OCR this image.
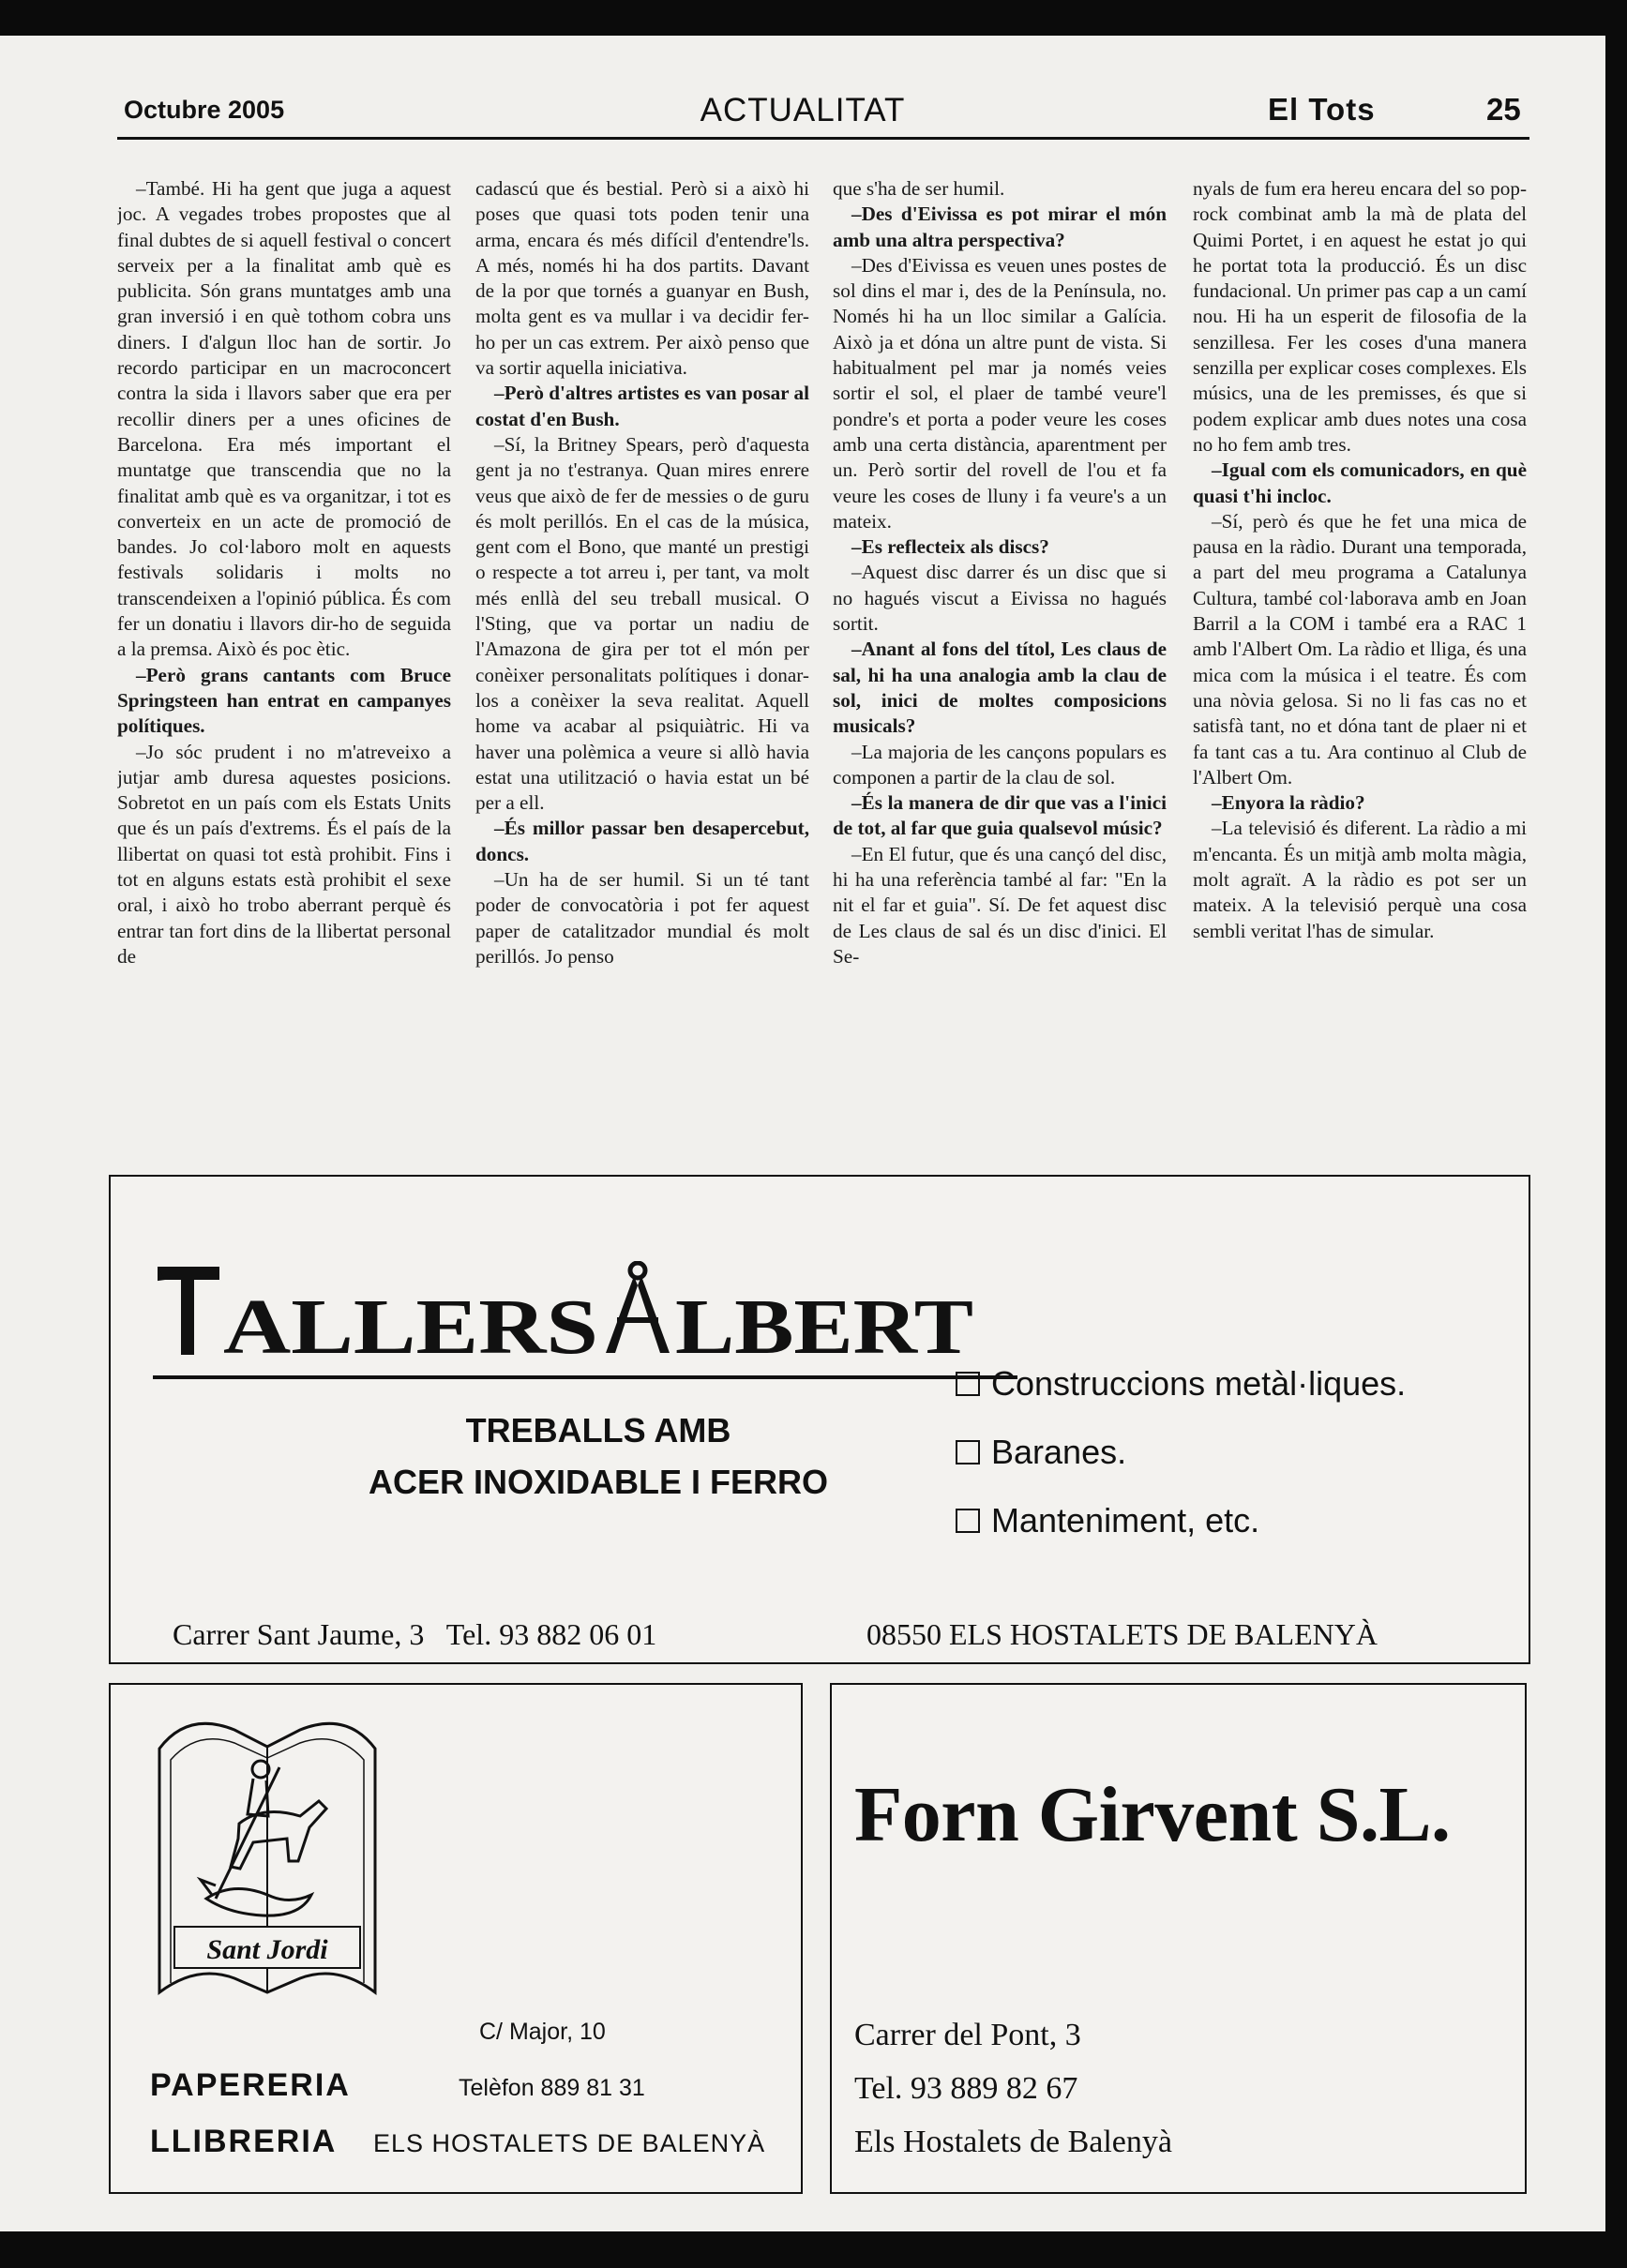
Octubre 2005	ACTUALITAT	El Tots	25

–També. Hi ha gent que juga a aquest joc. A vegades trobes propostes que al final dubtes de si aquell festival o concert serveix per a la finalitat amb què es publicita. Són grans muntatges amb una gran inversió i en què tothom cobra uns diners. I d'algun lloc han de sortir. Jo recordo participar en un macroconcert contra la sida i llavors saber que era per recollir diners per a unes oficines de Barcelona. Era més important el muntatge que transcendia que no la finalitat amb què es va organitzar, i tot es converteix en un acte de promoció de bandes. Jo col·laboro molt en aquests festivals solidaris i molts no transcendeixen a l'opinió pública. És com fer un donatiu i llavors dir-ho de seguida a la premsa. Això és poc ètic.

–Però grans cantants com Bruce Springsteen han entrat en campanyes polítiques.

–Jo sóc prudent i no m'atreveixo a jutjar amb duresa aquestes posicions. Sobretot en un país com els Estats Units que és un país d'extrems. És el país de la llibertat on quasi tot està prohibit. Fins i tot en alguns estats està prohibit el sexe oral, i això ho trobo aberrant perquè és entrar tan fort dins de la llibertat personal de

cadascú que és bestial. Però si a això hi poses que quasi tots poden tenir una arma, encara és més difícil d'entendre'ls. A més, només hi ha dos partits. Davant de la por que tornés a guanyar en Bush, molta gent es va mullar i va decidir fer-ho per un cas extrem. Per això penso que va sortir aquella iniciativa.

–Però d'altres artistes es van posar al costat d'en Bush.

–Sí, la Britney Spears, però d'aquesta gent ja no t'estranya. Quan mires enrere veus que això de fer de messies o de guru és molt perillós. En el cas de la música, gent com el Bono, que manté un prestigi o respecte a tot arreu i, per tant, va molt més enllà del seu treball musical. O l'Sting, que va portar un nadiu de l'Amazona de gira per tot el món per conèixer personalitats polítiques i donar-los a conèixer la seva realitat. Aquell home va acabar al psiquiàtric. Hi va haver una polèmica a veure si allò havia estat una utilització o havia estat un bé per a ell.

–És millor passar ben desapercebut, doncs.

–Un ha de ser humil. Si un té tant poder de convocatòria i pot fer aquest paper de catalitzador mundial és molt perillós. Jo penso

que s'ha de ser humil.

–Des d'Eivissa es pot mirar el món amb una altra perspectiva?

–Des d'Eivissa es veuen unes postes de sol dins el mar i, des de la Península, no. Només hi ha un lloc similar a Galícia. Això ja et dóna un altre punt de vista. Si habitualment pel mar ja només veies sortir el sol, el plaer de també veure'l pondre's et porta a poder veure les coses amb una certa distància, aparentment per un. Però sortir del rovell de l'ou et fa veure les coses de lluny i fa veure's a un mateix.

–Es reflecteix als discs?

–Aquest disc darrer és un disc que si no hagués viscut a Eivissa no hagués sortit.

–Anant al fons del títol, Les claus de sal, hi ha una analogia amb la clau de sol, inici de moltes composicions musicals?

–La majoria de les cançons populars es componen a partir de la clau de sol.

–És la manera de dir que vas a l'inici de tot, al far que guia qualsevol músic?

–En El futur, que és una cançó del disc, hi ha una referència també al far: "En la nit el far et guia". Sí. De fet aquest disc de Les claus de sal és un disc d'inici. El Se-

nyals de fum era hereu encara del so pop-rock combinat amb la mà de plata del Quimi Portet, i en aquest he estat jo qui he portat tota la producció. És un disc fundacional. Un primer pas cap a un camí nou. Hi ha un esperit de filosofia de la senzillesa. Fer les coses d'una manera senzilla per explicar coses complexes. Els músics, una de les premisses, és que si podem explicar amb dues notes una cosa no ho fem amb tres.

–Igual com els comunicadors, en què quasi t'hi incloc.

–Sí, però és que he fet una mica de pausa en la ràdio. Durant una temporada, a part del meu programa a Catalunya Cultura, també col·laborava amb en Joan Barril a la COM i també era a RAC 1 amb l'Albert Om. La ràdio et lliga, és una mica com la música i el teatre. És com una nòvia gelosa. Si no li fas cas no et satisfà tant, no et dóna tant de plaer ni et fa tant cas a tu. Ara continuo al Club de l'Albert Om.

–Enyora la ràdio?

–La televisió és diferent. La ràdio a mi m'encanta. És un mitjà amb molta màgia, molt agraït. A la ràdio es pot ser un mateix. A la televisió perquè una cosa sembli veritat l'has de simular.

ALLERS LBERT
TREBALLS AMB
ACER INOXIDABLE I FERRO
Construccions metàl·liques.
Baranes.
Manteniment, etc.
Carrer Sant Jaume, 3   Tel. 93 882 06 01	08550 ELS HOSTALETS DE BALENYÀ
Sant Jordi
C/ Major, 10
Telèfon 889 81 31
PAPERERIA
LLIBRERIA ELS HOSTALETS DE BALENYÀ
Forn Girvent S.L.
Carrer del Pont, 3
Tel. 93 889 82 67
Els Hostalets de Balenyà
